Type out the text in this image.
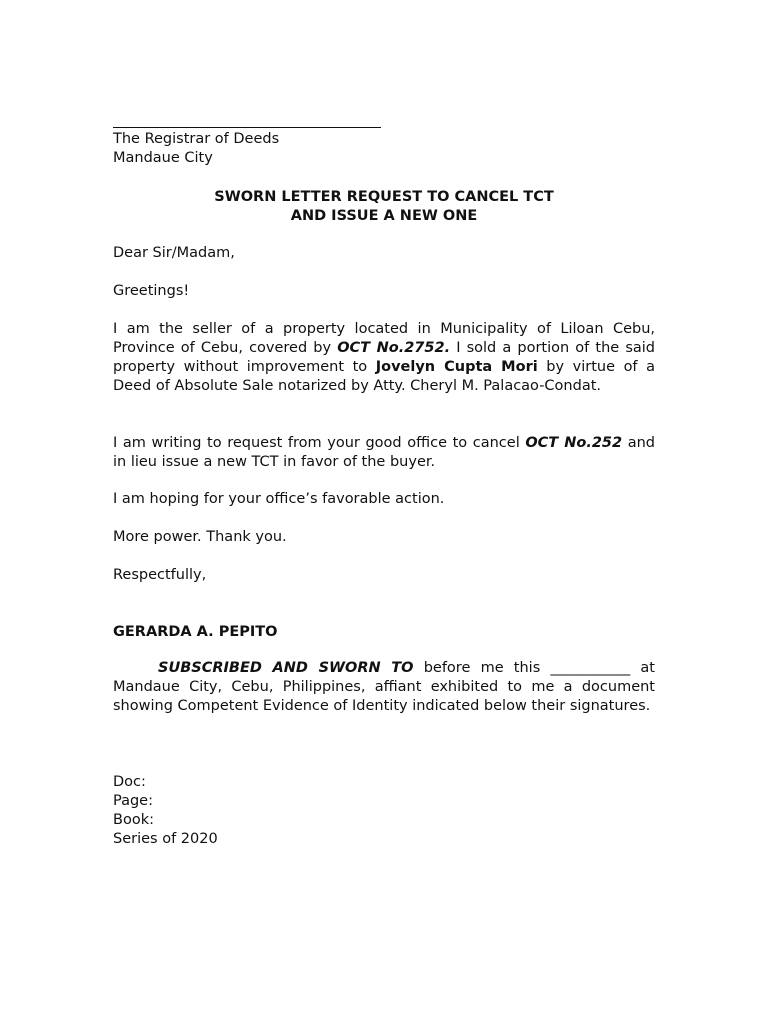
The Registrar of Deeds
Mandaue City
SWORN LETTER REQUEST TO CANCEL TCT
AND ISSUE A NEW ONE

Dear Sir/Madam,

Greetings!

I am the seller of a property located in Municipality of Liloan Cebu, Province of Cebu, covered by OCT No.2752. I sold a portion of the said property without improvement to Jovelyn Cupta Mori by virtue of a Deed of Absolute Sale notarized by Atty. Cheryl M. Palacao-Condat.

I am writing to request from your good office to cancel OCT No.252 and in lieu issue a new TCT in favor of the buyer.

I am hoping for your office’s favorable action.

More power. Thank you.

Respectfully,

GERARDA A. PEPITO

SUBSCRIBED AND SWORN TO before me this ___________ at Mandaue City, Cebu, Philippines, affiant exhibited to me a document showing Competent Evidence of Identity indicated below their signatures.

Doc:
Page:
Book:
Series of 2020
